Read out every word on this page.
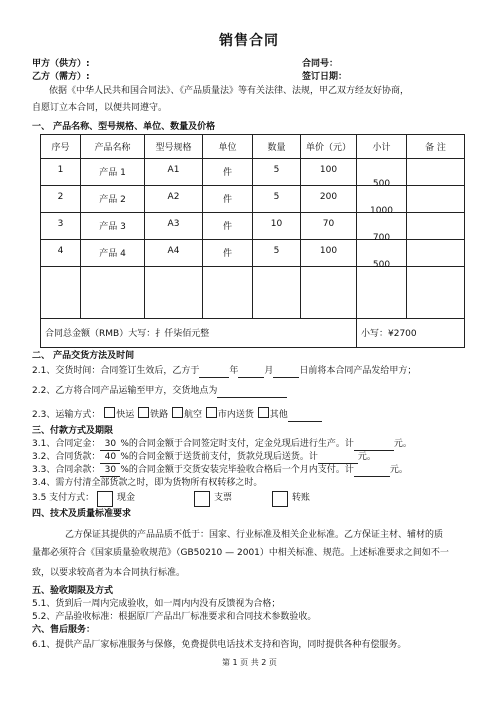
销售合同
甲方（供方）:	合同号：
乙方（需方）:	签订日期：
依据《中华人民共和国合同法》、《产品质量法》等有关法律、法规，甲乙双方经友好协商，
自愿订立本合同，以便共同遵守。
一、 产品名称、型号规格、单位、数量及价格
序号	产品名称	型号规格	单位	数量	单价（元）	小计	备 注
1	产品 1	A1	件	5	100	500	

2	产品 2	A2	件	5	200	1000	

3	产品 3	A3	件	10	70	700	

4	产品 4	A4	件	5	100	500	

合同总金额（RMB）大写：扌仟柒佰元整						小写：¥2700	
二、 产品交货方法及时间
2.1、交货时间：合同签订生效后，乙方于	年	月	日前将本合同产品发给甲方；
2.2、乙方将合同产品运输至甲方，交货地点为
2.3、运输方式： 快运 铁路 航空 市内送货 其他
三、付款方式及期限
3.1、合同定金： 30 %的合同金额于合同签定时支付，定金兑现后进行生产。计	元。
3.2、合同货款： 40 %的合同金额于送货前支付，货款兑现后送货。计	元。
3.3、合同余款： 30 %的合同金额于交货安装完毕验收合格后一个月内支付。计	元。
3.4、需方付清全部货款之时，即为货物所有权转移之时。
3.5 支付方式：	现金	支票	转账
四、技术及质量标准要求
乙方保证其提供的产品品质不低于：国家、行业标准及相关企业标准。乙方保证主材、辅材的质
量都必须符合《国家质量验收规范》（GB50210 — 2001）中相关标准、规范。上述标准要求之间如不一
致，以要求较高者为本合同执行标准。
五、验收期限及方式
5.1、货到后一周内完成验收，如一周内内没有反馈视为合格；
5.2、产品验收标准：根据原厂产品出厂标准要求和合同技术参数验收。
六、售后服务：
6.1、提供产品厂家标准服务与保修，免费提供电话技术支持和咨询，同时提供各种有偿服务。
第 1 页 共 2 页
